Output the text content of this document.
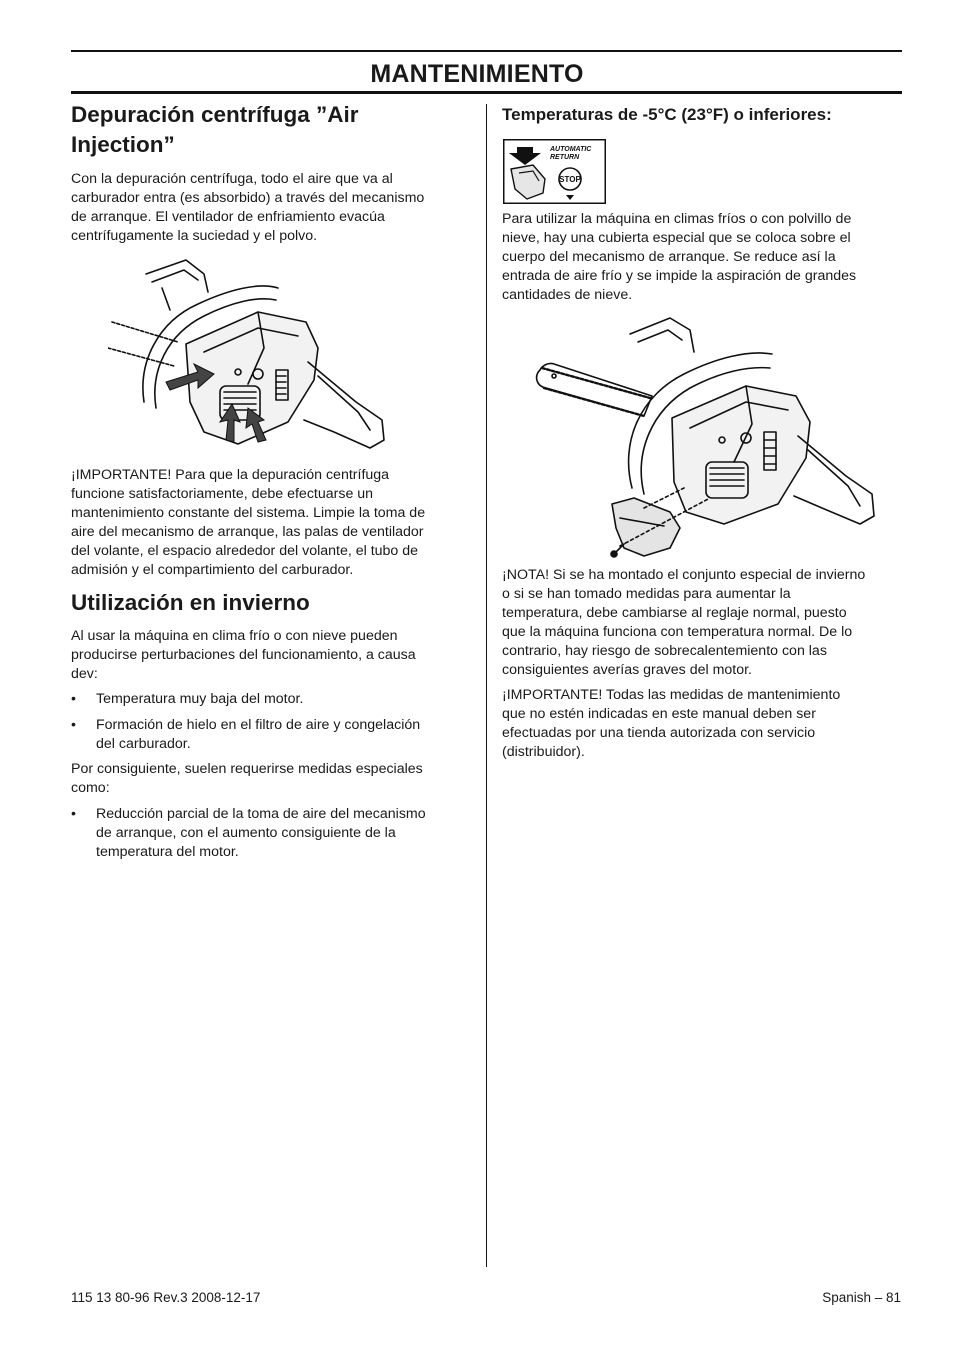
MANTENIMIENTO
Depuración centrífuga ”Air
Injection”
Con la depuración centrífuga, todo el aire que va al
carburador entra (es absorbido) a través del mecanismo
de arranque. El ventilador de enfriamiento evacúa
centrífugamente la suciedad y el polvo.
¡IMPORTANTE! Para que la depuración centrífuga
funcione satisfactoriamente, debe efectuarse un
mantenimiento constante del sistema. Limpie la toma de
aire del mecanismo de arranque, las palas de ventilador
del volante, el espacio alrededor del volante, el tubo de
admisión y el compartimiento del carburador.
Utilización en invierno
Al usar la máquina en clima frío o con nieve pueden
producirse perturbaciones del funcionamiento, a causa
dev:
• Temperatura muy baja del motor.
• Formación de hielo en el filtro de aire y congelación
del carburador.
Por consiguiente, suelen requerirse medidas especiales
como:
• Reducción parcial de la toma de aire del mecanismo
de arranque, con el aumento consiguiente de la
temperatura del motor.
Temperaturas de -5°C (23°F) o inferiores:
AUTOMATIC
RETURN
STOP
Para utilizar la máquina en climas fríos o con polvillo de
nieve, hay una cubierta especial que se coloca sobre el
cuerpo del mecanismo de arranque. Se reduce así la
entrada de aire frío y se impide la aspiración de grandes
cantidades de nieve.
¡NOTA! Si se ha montado el conjunto especial de invierno
o si se han tomado medidas para aumentar la
temperatura, debe cambiarse al reglaje normal, puesto
que la máquina funciona con temperatura normal. De lo
contrario, hay riesgo de sobrecalentemiento con las
consiguientes averías graves del motor.
¡IMPORTANTE! Todas las medidas de mantenimiento
que no estén indicadas en este manual deben ser
efectuadas por una tienda autorizada con servicio
(distribuidor).
115 13 80-96 Rev.3 2008-12-17	Spanish – 81
